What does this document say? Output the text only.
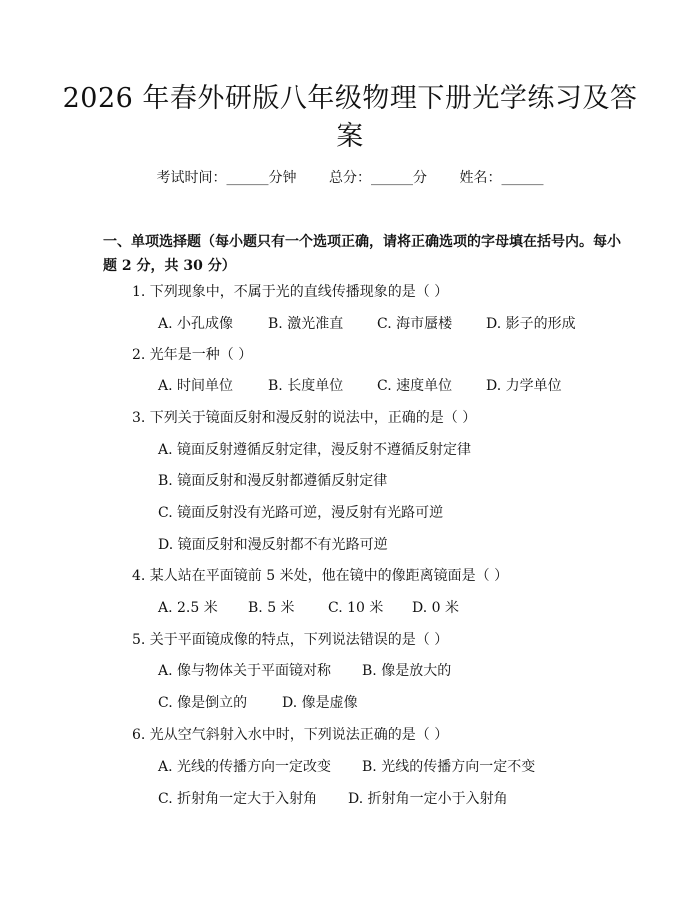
2026 年春外研版八年级物理下册光学练习及答案
考试时间：______分钟 总分：______分 姓名：______
一、单项选择题（每小题只有一个选项正确，请将正确选项的字母填在括号内。每小题 2 分，共 30 分）
1. 下列现象中，不属于光的直线传播现象的是（ ）
A. 小孔成像 B. 激光准直 C. 海市蜃楼 D. 影子的形成
2. 光年是一种（ ）
A. 时间单位 B. 长度单位 C. 速度单位 D. 力学单位
3. 下列关于镜面反射和漫反射的说法中，正确的是（ ）
A. 镜面反射遵循反射定律，漫反射不遵循反射定律
B. 镜面反射和漫反射都遵循反射定律
C. 镜面反射没有光路可逆，漫反射有光路可逆
D. 镜面反射和漫反射都不有光路可逆
4. 某人站在平面镜前 5 米处，他在镜中的像距离镜面是（ ）
A. 2.5 米 B. 5 米 C. 10 米 D. 0 米
5. 关于平面镜成像的特点，下列说法错误的是（ ）
A. 像与物体关于平面镜对称 B. 像是放大的
C. 像是倒立的 D. 像是虚像
6. 光从空气斜射入水中时，下列说法正确的是（ ）
A. 光线的传播方向一定改变 B. 光线的传播方向一定不变
C. 折射角一定大于入射角 D. 折射角一定小于入射角
